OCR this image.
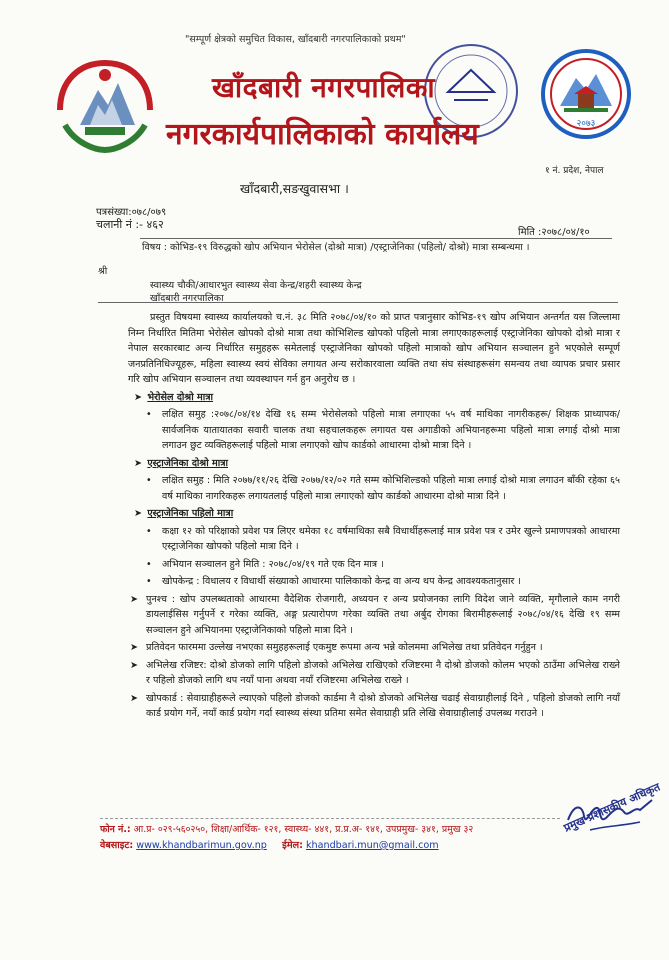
"सम्पूर्ण क्षेत्रको समुचित विकास, खाँदबारी नगरपालिकाको प्रथम"
खाँदबारी नगरपालिका
नगरकार्यपालिकाको कार्यालय	२०७३
१ नं. प्रदेश, नेपाल
खाँदबारी,सङखुवासभा ।
पत्रसंख्या:०७८/०७९
चलानी नं :- ४६२
मिति :२०७८/०४/१०
विषय : कोभिड-१९ विरुद्धको खोप अभियान भेरोसेल (दोश्रो मात्रा) /एस्ट्राजेनिका (पहिलो/ दोश्रो) मात्रा सम्बन्धमा ।
श्री
स्वास्थ्य चौकी/आधारभुत स्वास्थ्य सेवा केन्द्र/शहरी स्वास्थ्य केन्द्र
खाँदबारी नगरपालिका

प्रस्तुत विषयमा स्वास्थ्य कार्यालयको च.नं. ३८ मिति २०७८/०४/१० को प्राप्त पत्रानुसार कोभिड-१९ खोप अभियान अन्तर्गत यस जिल्लामा निम्न निर्धारित मितिमा भेरोसेल खोपको दोश्रो मात्रा तथा कोभिशिल्ड खोपको पहिलो मात्रा लगाएकाहरूलाई एस्ट्राजेनिका खोपको दोश्रो मात्रा र नेपाल सरकारबाट अन्य निर्धारित समुहहरू समेतलाई एस्ट्राजेनिका खोपको पहिलो मात्राको खोप अभियान सञ्चालन हुने भएकोले सम्पूर्ण जनप्रतिनिधिज्यूहरू, महिला स्वास्थ्य स्वयं सेविका लगायत अन्य सरोकारवाला व्यक्ति तथा संघ संस्थाहरूसंग समन्वय तथा व्यापक प्रचार प्रसार गरि खोप अभियान सञ्चालन तथा व्यवस्थापन गर्न हुन अनुरोध छ ।

➤ भेरोसेल दोश्रो मात्रा

• लक्षित समुह :२०७८/०४/१४ देखि १६ सम्म भेरोसेलको पहिलो मात्रा लगाएका ५५ वर्ष माथिका नागरीकहरू/ शिक्षक प्राध्यापक/ सार्वजनिक यातायातका सवारी चालक तथा सहचालकहरू लगायत यस अगाडीको अभियानहरूमा पहिलो मात्रा लगाई दोश्रो मात्रा लगाउन छुट व्यक्तिहरूलाई पहिलो मात्रा लगाएको खोप कार्डको आधारमा दोश्रो मात्रा दिने ।

➤ एस्ट्राजेनिका दोश्रो मात्रा

• लक्षित समुह : मिति २०७७/११/२६ देखि २०७७/१२/०२ गते सम्म कोभिशिल्डको पहिलो मात्रा लगाई दोश्रो मात्रा लगाउन बाँकी रहेका ६५ वर्ष माथिका नागरिकहरू लगायतलाई पहिलो मात्रा लगाएको खोप कार्डको आधारमा दोश्रो मात्रा दिने ।

➤ एस्ट्राजेनिका पहिलो मात्रा

• कक्षा १२ को परिक्षाको प्रवेश पत्र लिएर थमेका १८ वर्षमाथिका सबै विधार्थीहरूलाई मात्र प्रवेश पत्र र उमेर खुल्ने प्रमाणपत्रको आधारमा एस्ट्राजेनिका खोपको पहिलो मात्रा दिने ।

• अभियान सञ्चालन हुने मिति : २०७८/०४/१९ गते एक दिन मात्र ।

• खोपकेन्द्र : विधालय र विधार्थी संख्याको आधारमा पालिकाको केन्द्र वा अन्य थप केन्द्र आवश्यकतानुसार ।

➤ पुनश्च : खोप उपलब्धताको आधारमा वैदेशिक रोजगारी, अध्ययन र अन्य प्रयोजनका लागि विदेश जाने व्यक्ति, मृगौलाले काम नगरी डायलाईसिस गर्नुपर्ने र गरेका व्यक्ति, अङ्ग प्रत्यारोपण गरेका व्यक्ति तथा अर्बुद रोगका बिरामीहरूलाई २०७८/०४/१६ देखि १९ सम्म सञ्चालन हुने अभियानमा एस्ट्राजेनिकाको पहिलो मात्रा दिने ।

➤ प्रतिवेदन फारममा उल्लेख नभएका समुहहरूलाई एकमुष्ट रूपमा अन्य भन्ने कोलममा अभिलेख तथा प्रतिवेदन गर्नुहुन ।

➤ अभिलेख रजिष्टर: दोश्रो डोजको लागि पहिलो डोजको अभिलेख राखिएको रजिष्टरमा नै दोश्रो डोजको कोलम भएको ठाउँमा अभिलेख राख्ने र पहिलो डोजको लागि थप नयाँ पाना अथवा नयाँ रजिष्टरमा अभिलेख राख्ने ।

➤ खोपकार्ड : सेवाग्राहीहरूले ल्याएको पहिलो डोजको कार्डमा नै दोश्रो डोजको अभिलेख चढाई सेवाग्राहीलाई दिने , पहिलो डोजको लागि नयाँ कार्ड प्रयोग गर्ने, नयाँ कार्ड प्रयोग गर्दा स्वास्थ्य संस्था प्रतिमा समेत सेवाग्राही प्रति लेखि सेवाग्राहीलाई उपलब्ध गराउने ।

प्रमुख प्रशासकीय अधिकृत
फोन नं.: आ.प्र- ०२९-५६०२५०, शिक्षा/आर्थिक- १२१, स्वास्थ्य- ४४१, प्र.प्र.अ- १४१, उपप्रमुख- ३४१, प्रमुख ३२
वेबसाइट: www.khandbarimun.gov.np ईमेल: khandbari.mun@gmail.com
